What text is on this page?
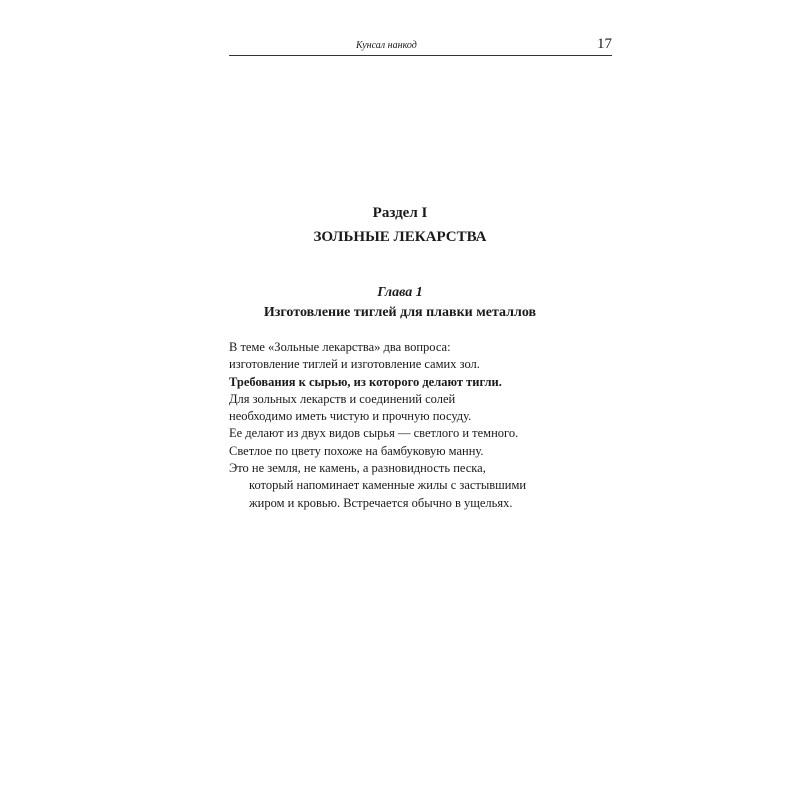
Кунсал нанкод	17
Раздел I
ЗОЛЬНЫЕ ЛЕКАРСТВА
Глава 1
Изготовление тиглей для плавки металлов
В теме «Зольные лекарства» два вопроса:
изготовление тиглей и изготовление самих зол.
Требования к сырью, из которого делают тигли.
Для зольных лекарств и соединений солей
необходимо иметь чистую и прочную посуду.
Ее делают из двух видов сырья — светлого и темного.
Светлое по цвету похоже на бамбуковую манну.
Это не земля, не камень, а разновидность песка,
который напоминает каменные жилы с застывшими
жиром и кровью. Встречается обычно в ущельях.
